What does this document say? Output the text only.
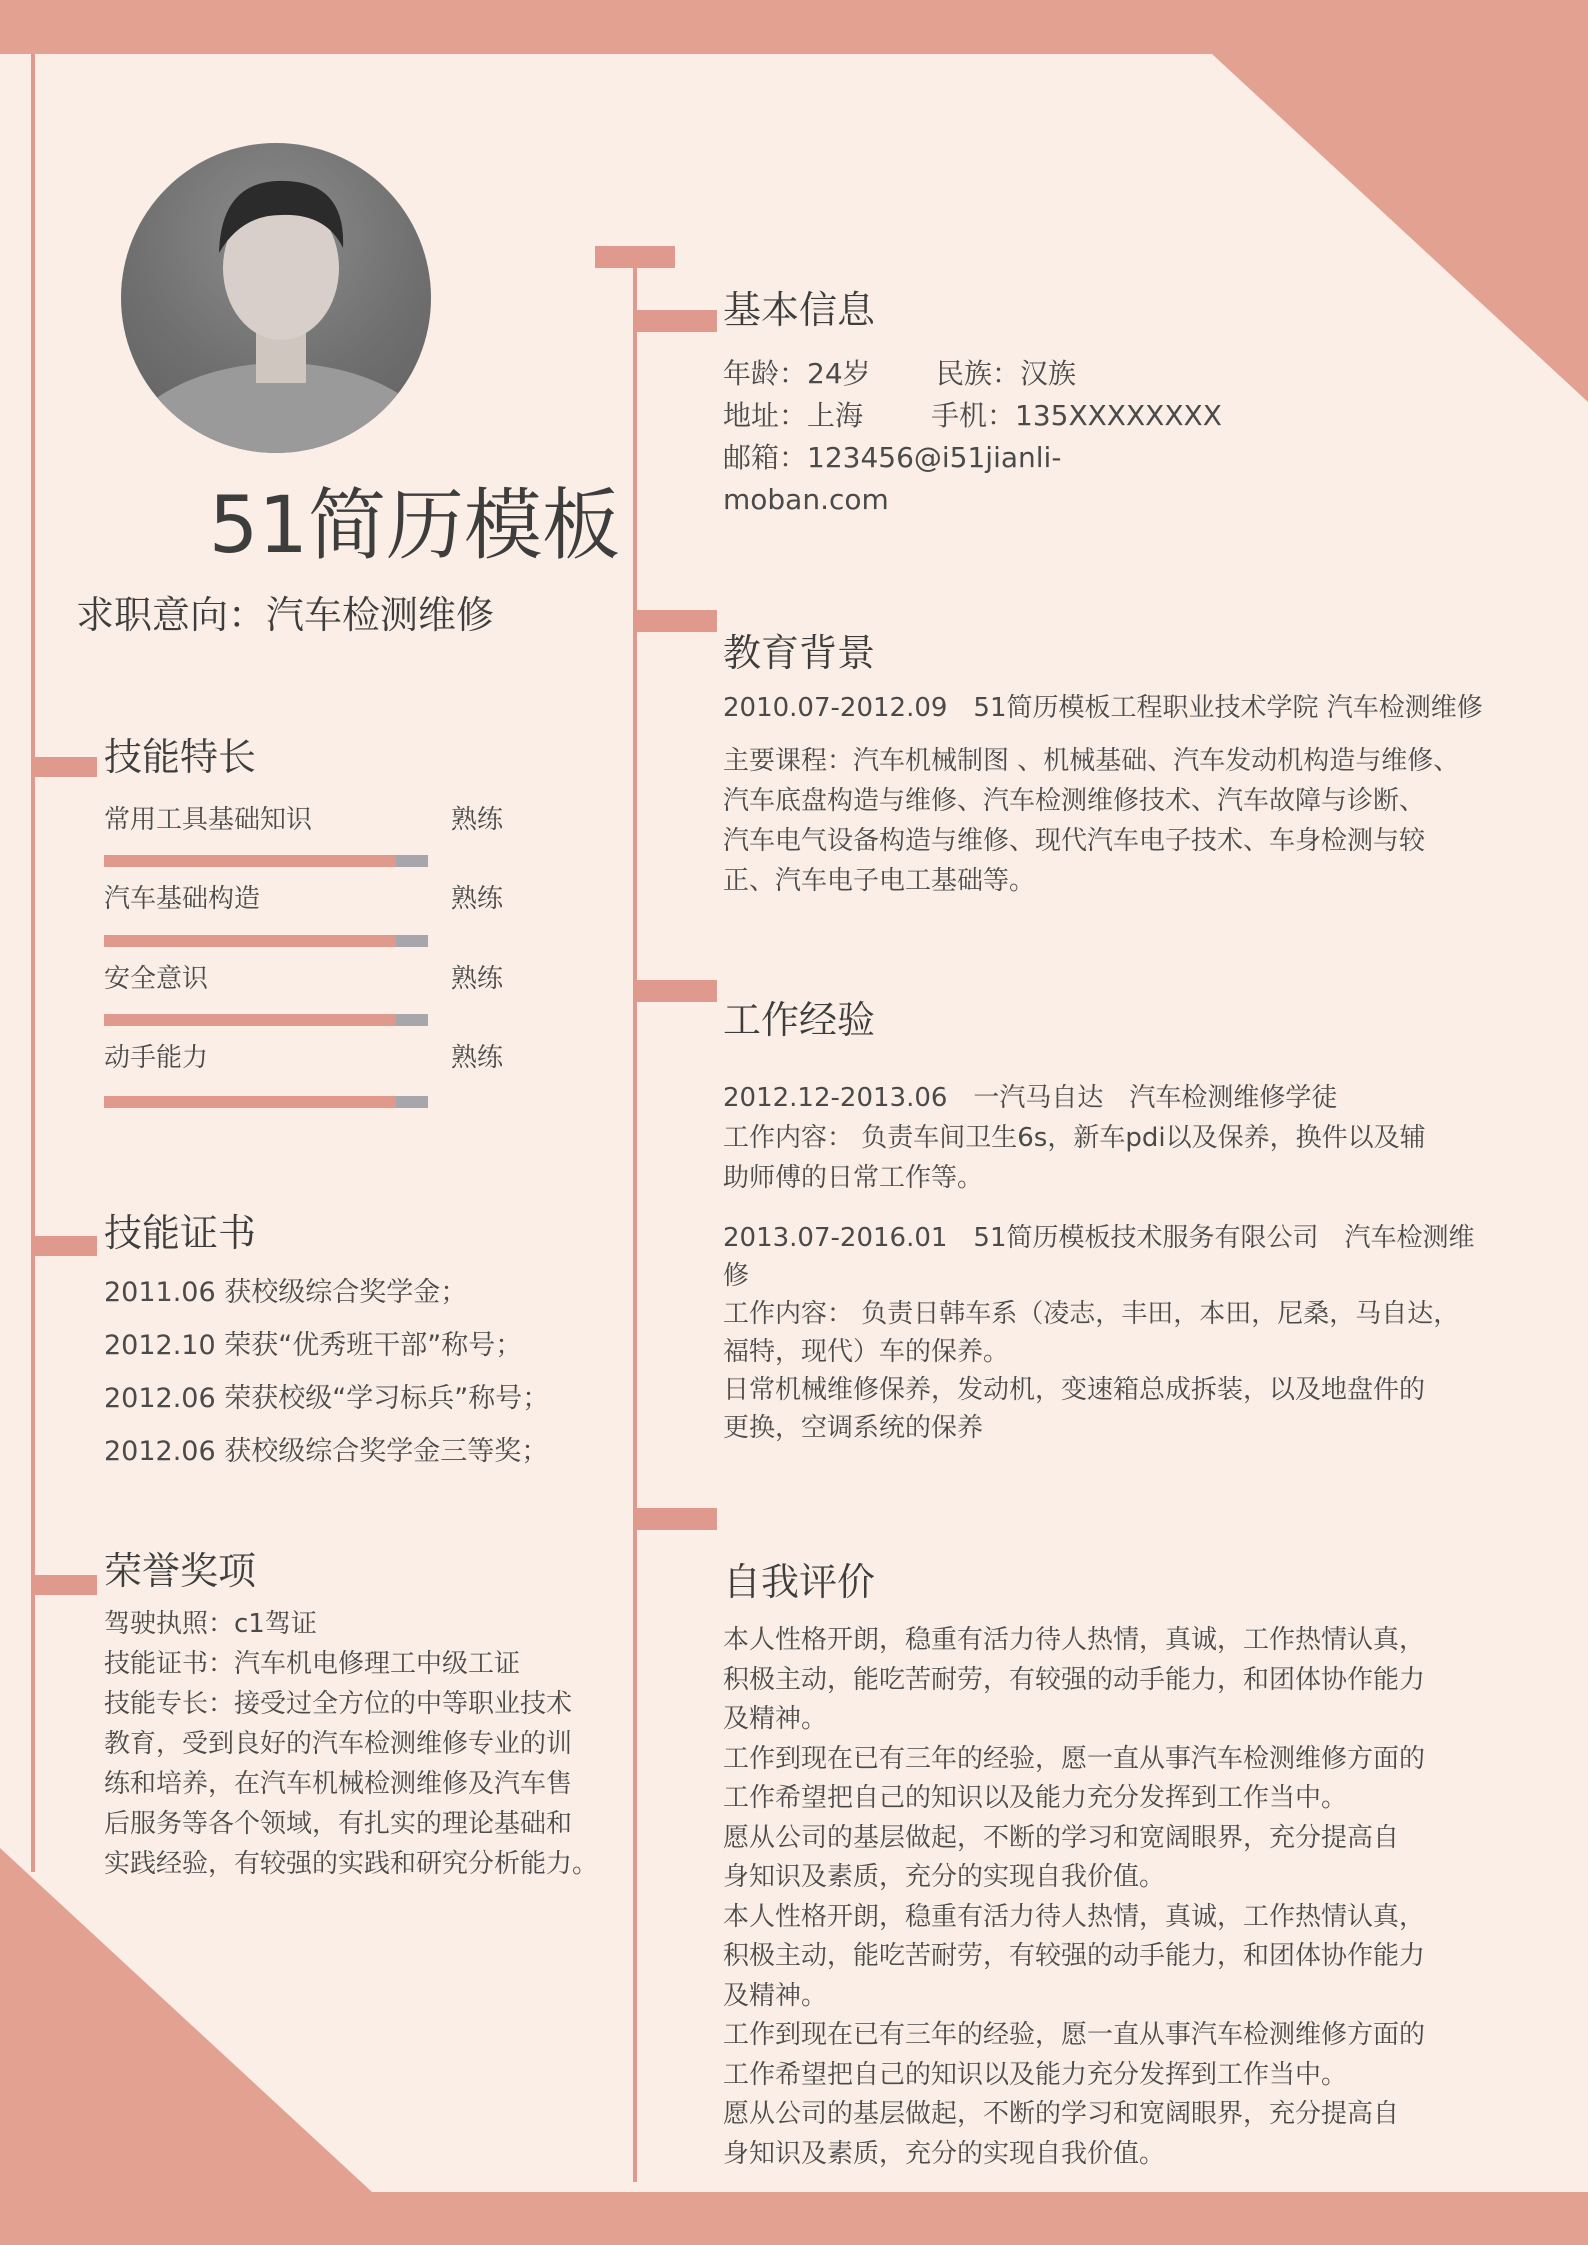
51简历模板
求职意向：汽车检测维修
技能特长
常用工具基础知识	熟练
汽车基础构造	熟练
安全意识	熟练
动手能力	熟练
技能证书
2011.06 获校级综合奖学金；
2012.10 荣获“优秀班干部”称号；
2012.06 荣获校级“学习标兵”称号；
2012.06 获校级综合奖学金三等奖；
荣誉奖项
驾驶执照：c1驾证
技能证书：汽车机电修理工中级工证
技能专长：接受过全方位的中等职业技术
教育，受到良好的汽车检测维修专业的训
练和培养，在汽车机械检测维修及汽车售
后服务等各个领域，有扎实的理论基础和
实践经验，有较强的实践和研究分析能力。
基本信息
年龄：24岁 民族：汉族
地址：上海 手机：135XXXXXXXX
邮箱：123456@i51jianli-
moban.com
教育背景
2010.07-2012.09　51简历模板工程职业技术学院 汽车检测维修
主要课程：汽车机械制图 、机械基础、汽车发动机构造与维修、
汽车底盘构造与维修、汽车检测维修技术、汽车故障与诊断、
汽车电气设备构造与维修、现代汽车电子技术、车身检测与较
正、汽车电子电工基础等。
工作经验
2012.12-2013.06　一汽马自达　汽车检测维修学徒
工作内容： 负责车间卫生6s，新车pdi以及保养，换件以及辅
助师傅的日常工作等。
2013.07-2016.01　51简历模板技术服务有限公司　汽车检测维
修
工作内容： 负责日韩车系（凌志，丰田，本田，尼桑，马自达，
福特，现代）车的保养。
日常机械维修保养，发动机，变速箱总成拆装，以及地盘件的
更换，空调系统的保养
自我评价
本人性格开朗，稳重有活力待人热情，真诚，工作热情认真，
积极主动，能吃苦耐劳，有较强的动手能力，和团体协作能力
及精神。
工作到现在已有三年的经验，愿一直从事汽车检测维修方面的
工作希望把自己的知识以及能力充分发挥到工作当中。
愿从公司的基层做起，不断的学习和宽阔眼界，充分提高自
身知识及素质，充分的实现自我价值。
本人性格开朗，稳重有活力待人热情，真诚，工作热情认真，
积极主动，能吃苦耐劳，有较强的动手能力，和团体协作能力
及精神。
工作到现在已有三年的经验，愿一直从事汽车检测维修方面的
工作希望把自己的知识以及能力充分发挥到工作当中。
愿从公司的基层做起，不断的学习和宽阔眼界，充分提高自
身知识及素质，充分的实现自我价值。
